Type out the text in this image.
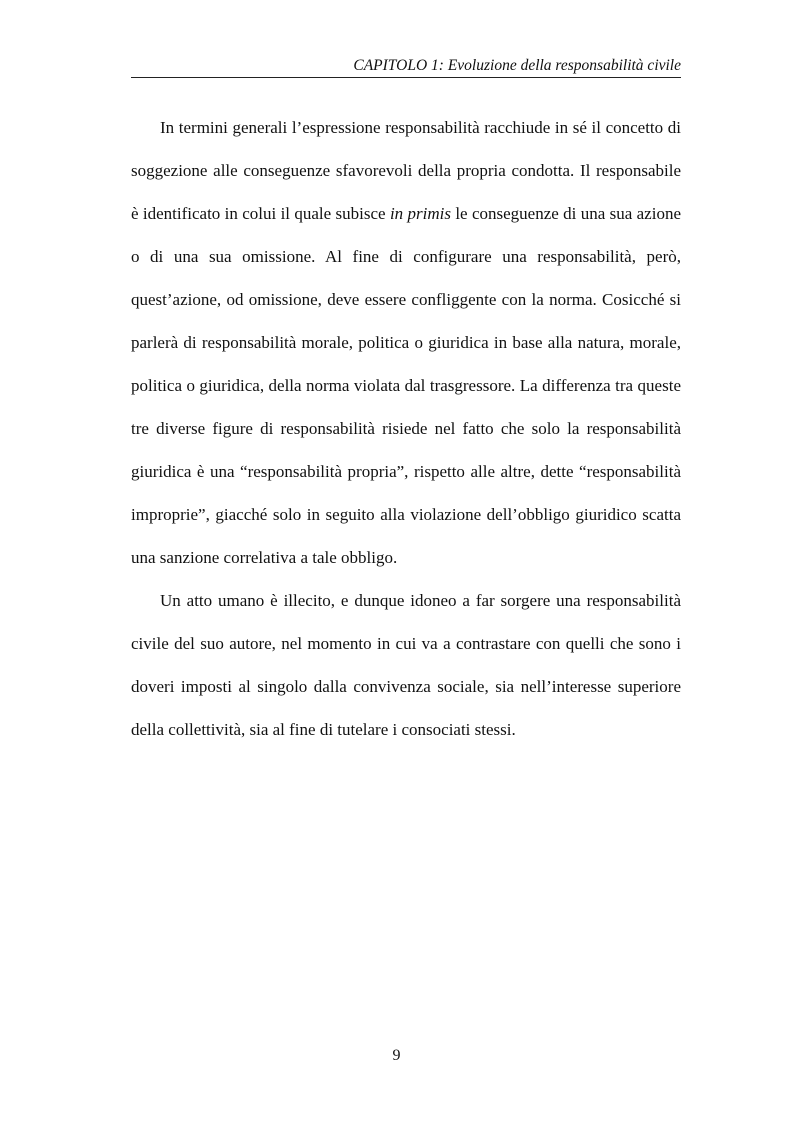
CAPITOLO 1: Evoluzione della responsabilità civile

In termini generali l’espressione responsabilità racchiude in sé il concetto di soggezione alle conseguenze sfavorevoli della propria condotta. Il responsabile è identificato in colui il quale subisce in primis le conseguenze di una sua azione o di una sua omissione. Al fine di configurare una responsabilità, però, quest’azione, od omissione, deve essere confliggente con la norma. Cosicché si parlerà di responsabilità morale, politica o giuridica in base alla natura, morale, politica o giuridica, della norma violata dal trasgressore. La differenza tra queste tre diverse figure di responsabilità risiede nel fatto che solo la responsabilità giuridica è una “responsabilità propria”, rispetto alle altre, dette “responsabilità improprie”, giacché solo in seguito alla violazione dell’obbligo giuridico scatta una sanzione correlativa a tale obbligo.

Un atto umano è illecito, e dunque idoneo a far sorgere una responsabilità civile del suo autore, nel momento in cui va a contrastare con quelli che sono i doveri imposti al singolo dalla convivenza sociale, sia nell’interesse superiore della collettività, sia al fine di tutelare i consociati stessi.

9
